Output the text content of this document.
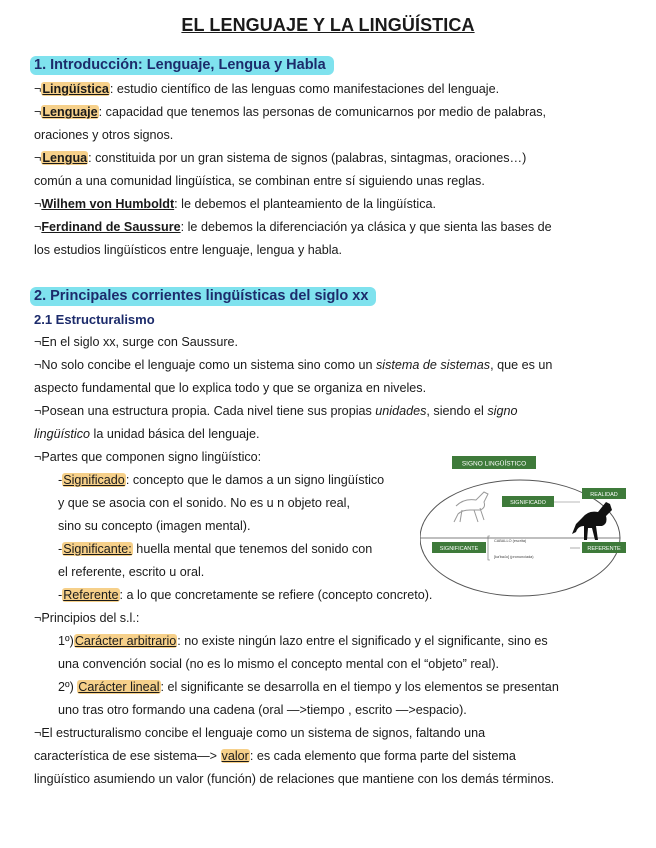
EL LENGUAJE Y LA LINGÜÍSTICA
1. Introducción: Lenguaje, Lengua y Habla
¬Lingüística: estudio científico de las lenguas como manifestaciones del lenguaje.
¬Lenguaje: capacidad que tenemos las personas de comunicarnos por medio de palabras,
oraciones y otros signos.
¬Lengua: constituida por un gran sistema de signos (palabras, sintagmas, oraciones…)
común a una comunidad lingüística, se combinan entre sí siguiendo unas reglas.
¬Wilhem von Humboldt: le debemos el planteamiento de la lingüística.
¬Ferdinand de Saussure: le debemos la diferenciación ya clásica y que sienta las bases de
los estudios lingüísticos entre lenguaje, lengua y habla.
2. Principales corrientes lingüísticas del siglo xx
2.1 Estructuralismo
¬En el siglo xx, surge con Saussure.
¬No solo concibe el lenguaje como un sistema sino como un sistema de sistemas, que es un
aspecto fundamental que lo explica todo y que se organiza en niveles.
¬Posean una estructura propia. Cada nivel tiene sus propias unidades, siendo el signo
lingüístico la unidad básica del lenguaje.
¬Partes que componen signo lingüístico:
-Significado: concepto que le damos a un signo lingüístico
y que se asocia con el sonido. No es u n objeto real,
sino su concepto (imagen mental).
-Significante: huella mental que tenemos del sonido con
el referente, escrito u oral.
-Referente: a lo que concretamente se refiere (concepto concreto).
¬Principios del s.l.:
1º)Carácter arbitrario: no existe ningún lazo entre el significado y el significante, sino es
una convención social (no es lo mismo el concepto mental con el “objeto” real).
2º) Carácter lineal: el significante se desarrolla en el tiempo y los elementos se presentan
uno tras otro formando una cadena (oral —>tiempo , escrito —>espacio).
¬El estructuralismo concibe el lenguaje como un sistema de signos, faltando una
característica de ese sistema—> valor: es cada elemento que forma parte del sistema
lingüístico asumiendo un valor (función) de relaciones que mantiene con los demás términos.
SIGNO LINGÜÍSTICO
SIGNIFICADO
SIGNIFICANTE
CABALLO (escrita)
[ka'baʎo] (pronunciada)
REALIDAD
REFERENTE
